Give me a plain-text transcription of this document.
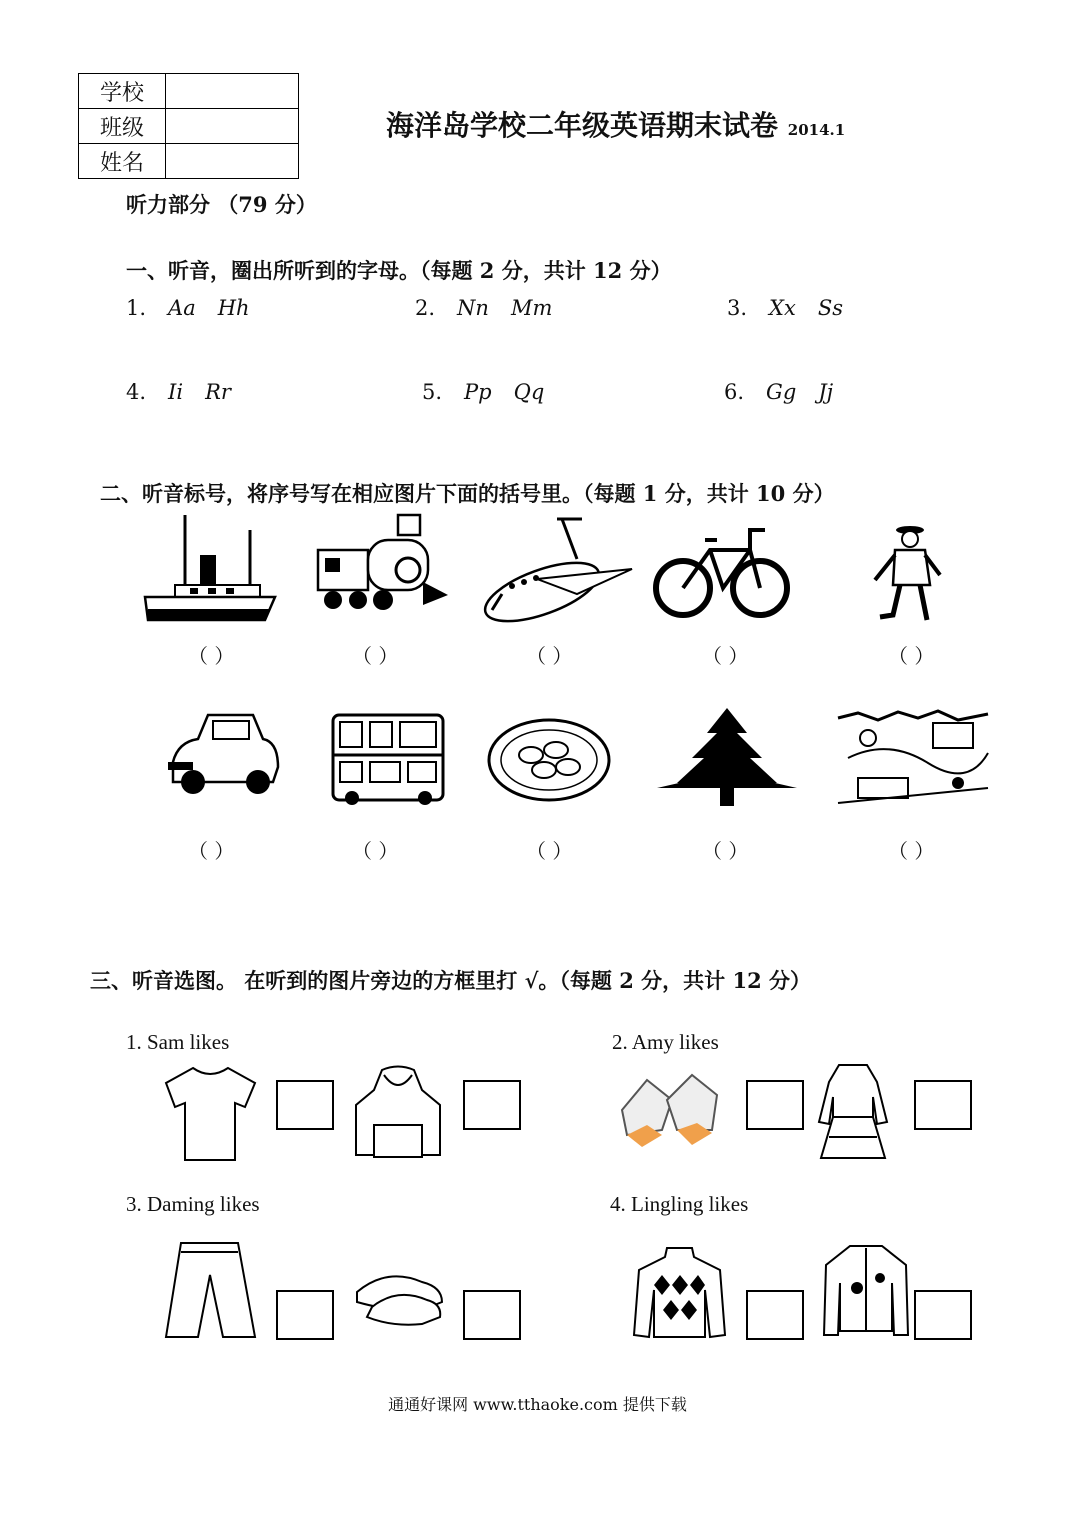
学校	
班级	
姓名	
海洋岛学校二年级英语期末试卷 2014.1
听力部分 （79 分）
一、听音，圈出所听到的字母。（每题 2 分，共计 12 分）
1. Aa Hh	2. Nn Mm	3. Xx Ss
4. Ii Rr	5. Pp Qq	6. Gg Jj
二、听音标号，将序号写在相应图片下面的括号里。（每题 1 分，共计 10 分）
（ ）	（ ）	（ ）	（ ）	（ ）
（ ）	（ ）	（ ）	（ ）	（ ）
三、听音选图。 在听到的图片旁边的方框里打 √。（每题 2 分，共计 12 分）
1. Sam likes	2. Amy likes
3. Daming likes	4. Lingling likes
通通好课网 www.tthaoke.com 提供下载
